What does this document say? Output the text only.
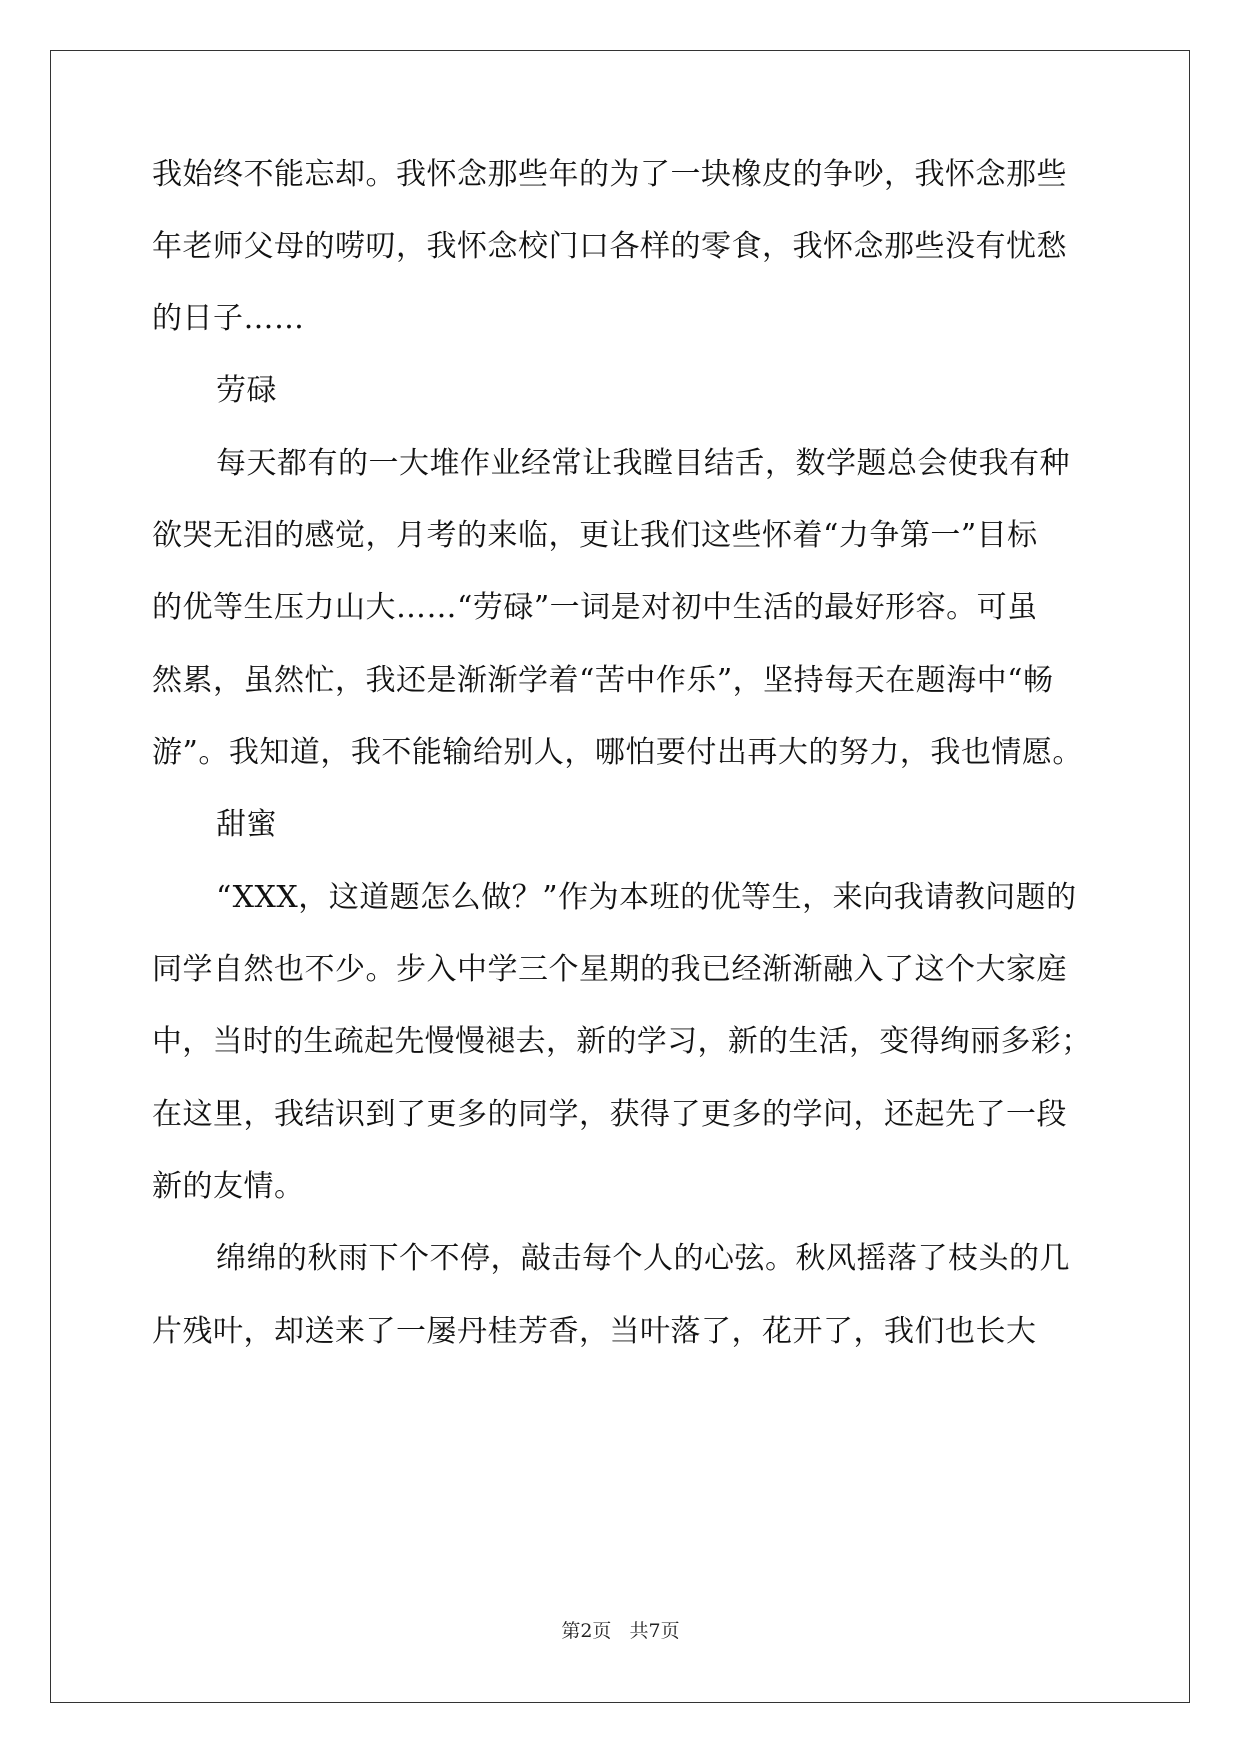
我始终不能忘却。我怀念那些年的为了一块橡皮的争吵，我怀念那些
年老师父母的唠叨，我怀念校门口各样的零食，我怀念那些没有忧愁
的日子……
劳碌
每天都有的一大堆作业经常让我瞠目结舌，数学题总会使我有种
欲哭无泪的感觉，月考的来临，更让我们这些怀着“力争第一”目标
的优等生压力山大……“劳碌”一词是对初中生活的最好形容。可虽
然累，虽然忙，我还是渐渐学着“苦中作乐”，坚持每天在题海中“畅
游”。我知道，我不能输给别人，哪怕要付出再大的努力，我也情愿。
甜蜜
“XXX，这道题怎么做？”作为本班的优等生，来向我请教问题的
同学自然也不少。步入中学三个星期的我已经渐渐融入了这个大家庭
中，当时的生疏起先慢慢褪去，新的学习，新的生活，变得绚丽多彩；
在这里，我结识到了更多的同学，获得了更多的学问，还起先了一段
新的友情。
绵绵的秋雨下个不停，敲击每个人的心弦。秋风摇落了枝头的几
片残叶，却送来了一屡丹桂芳香，当叶落了，花开了，我们也长大
第2页   共7页
